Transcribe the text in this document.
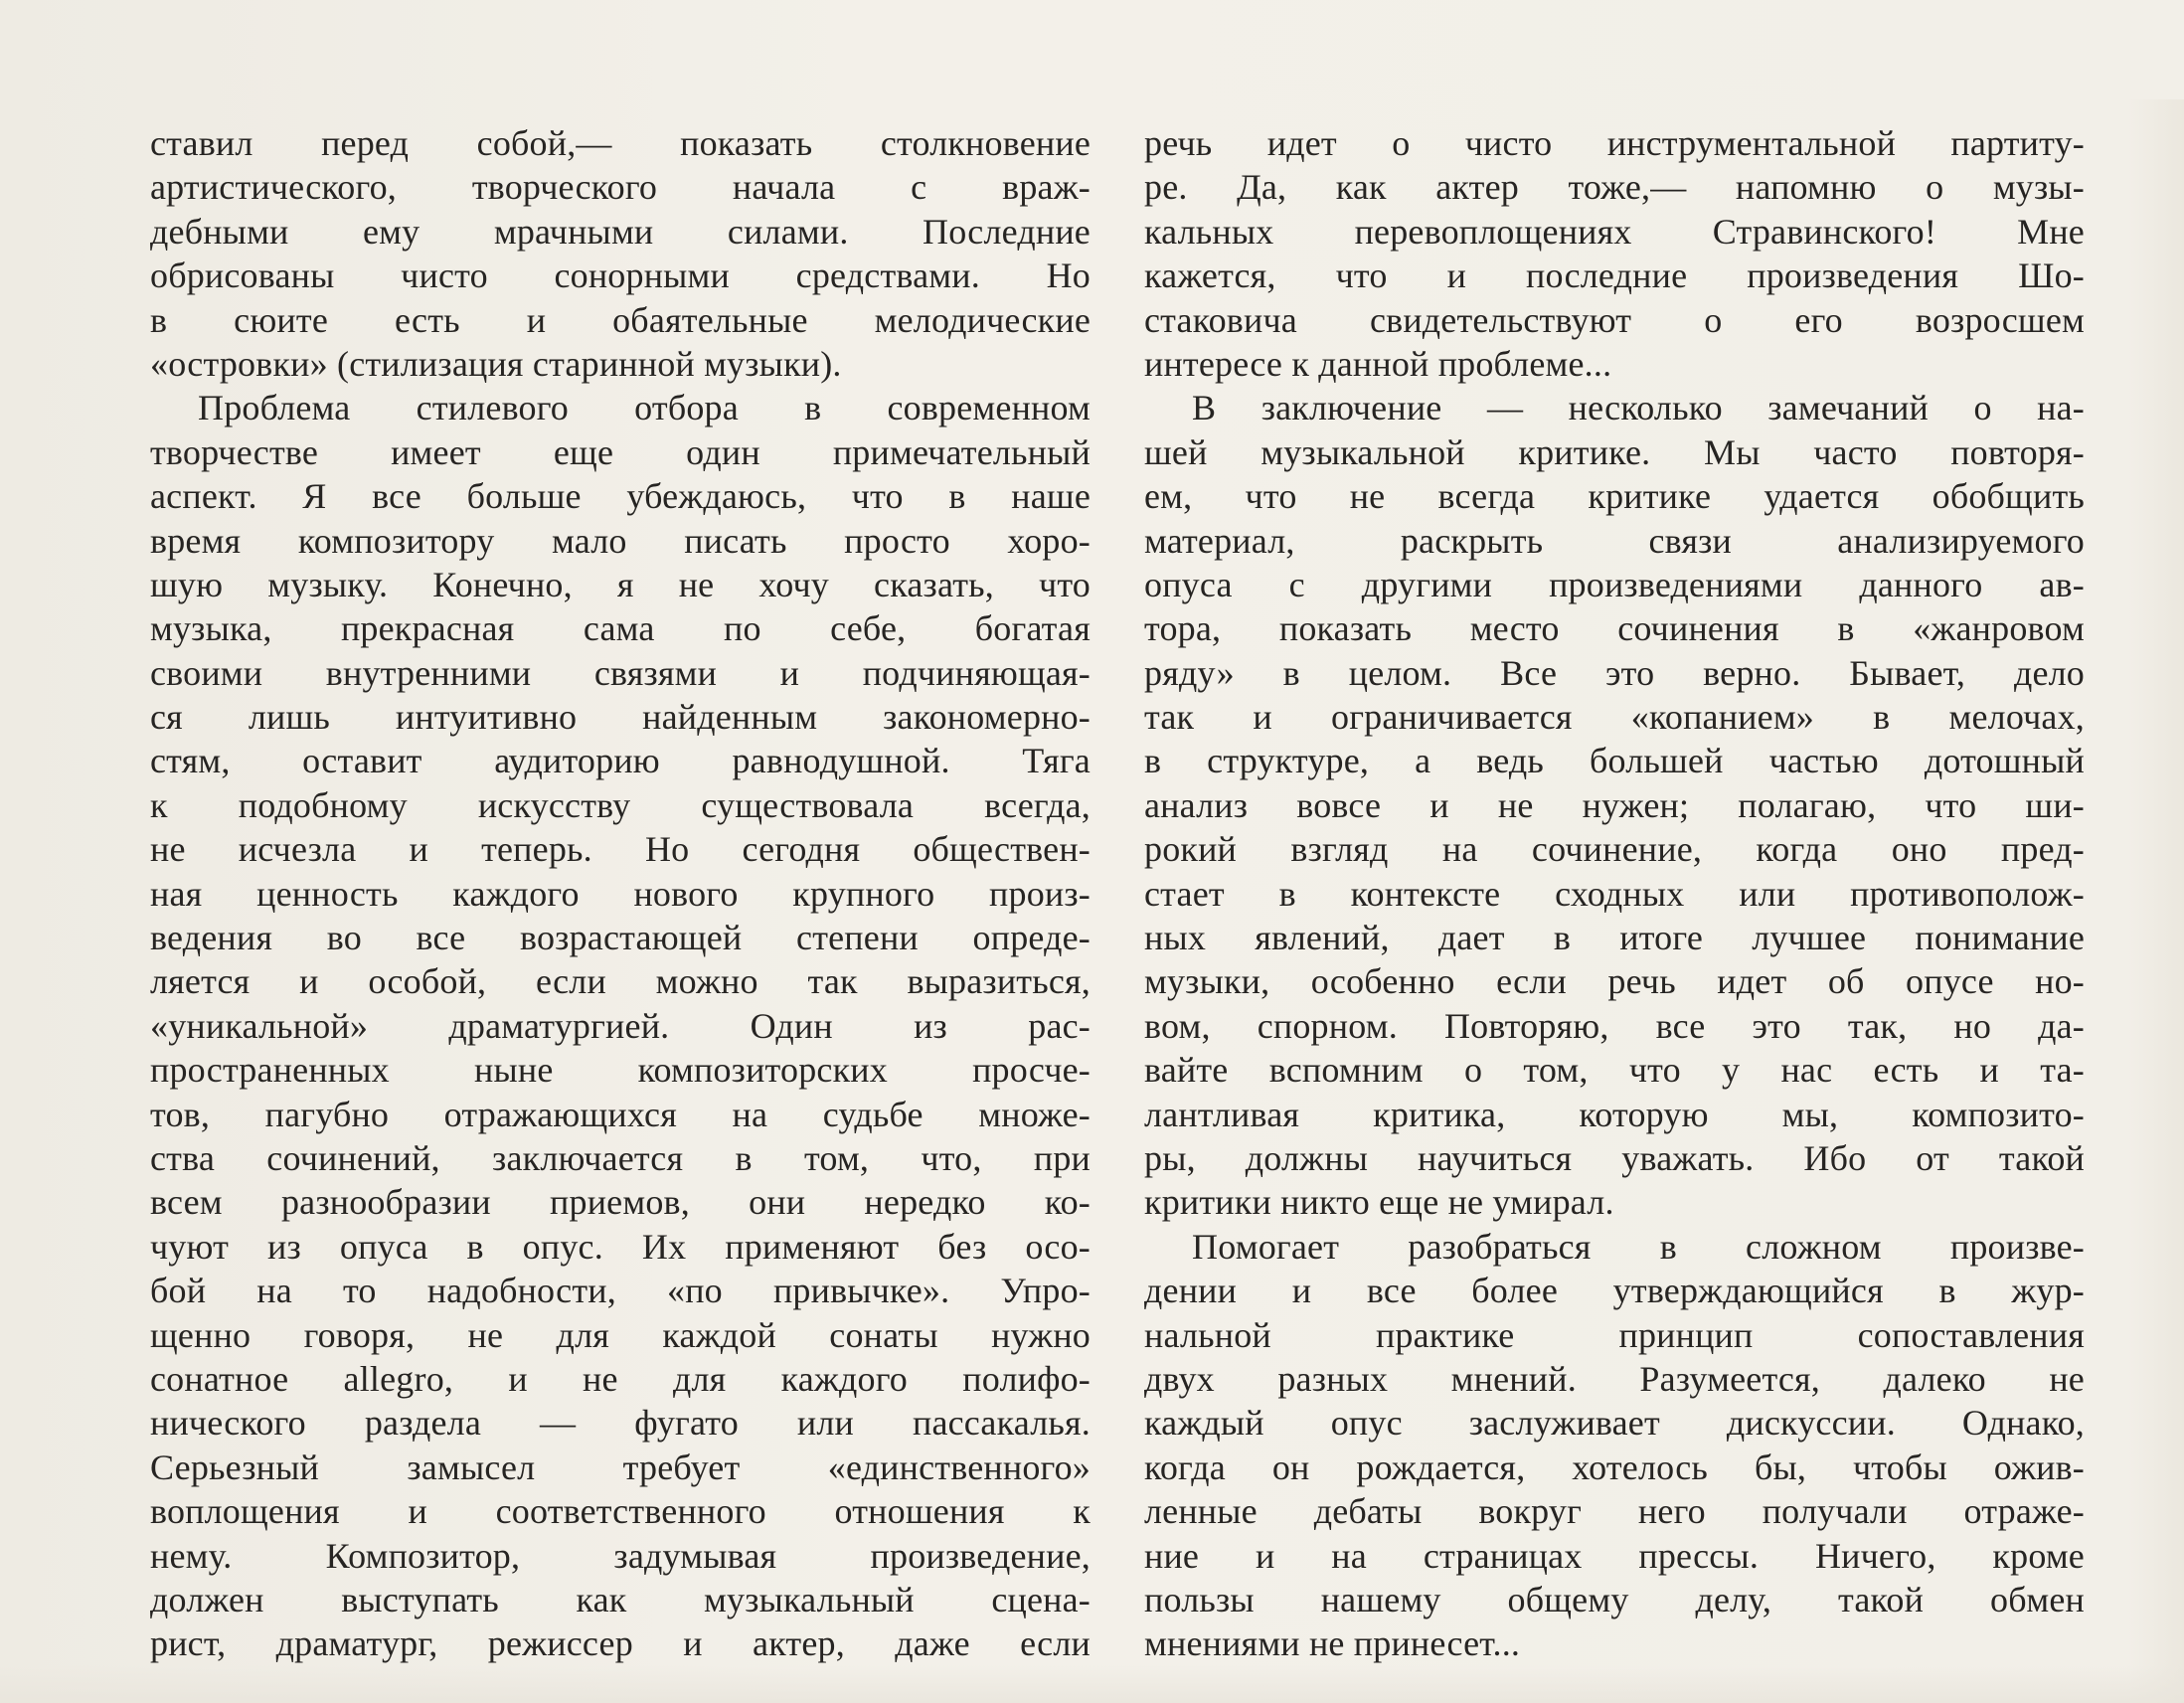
ставил перед собой,— показать столкновение
артистического, творческого начала с враж-
дебными ему мрачными силами. Последние
обрисованы чисто сонорными средствами. Но
в сюите есть и обаятельные мелодические
«островки» (стилизация старинной музыки).
Проблема стилевого отбора в современном
творчестве имеет еще один примечательный
аспект. Я все больше убеждаюсь, что в наше
время композитору мало писать просто хоро-
шую музыку. Конечно, я не хочу сказать, что
музыка, прекрасная сама по себе, богатая
своими внутренними связями и подчиняющая-
ся лишь интуитивно найденным закономерно-
стям, оставит аудиторию равнодушной. Тяга
к подобному искусству существовала всегда,
не исчезла и теперь. Но сегодня обществен-
ная ценность каждого нового крупного произ-
ведения во все возрастающей степени опреде-
ляется и особой, если можно так выразиться,
«уникальной» драматургией. Один из рас-
пространенных ныне композиторских просче-
тов, пагубно отражающихся на судьбе множе-
ства сочинений, заключается в том, что, при
всем разнообразии приемов, они нередко ко-
чуют из опуса в опус. Их применяют без осо-
бой на то надобности, «по привычке». Упро-
щенно говоря, не для каждой сонаты нужно
сонатное allegro, и не для каждого полифо-
нического раздела — фугато или пассакалья.
Серьезный замысел требует «единственного»
воплощения и соответственного отношения к
нему. Композитор, задумывая произведение,
должен выступать как музыкальный сцена-
рист, драматург, режиссер и актер, даже если
речь идет о чисто инструментальной партиту-
ре. Да, как актер тоже,— напомню о музы-
кальных перевоплощениях Стравинского! Мне
кажется, что и последние произведения Шо-
стаковича свидетельствуют о его возросшем
интересе к данной проблеме...
В заключение — несколько замечаний о на-
шей музыкальной критике. Мы часто повторя-
ем, что не всегда критике удается обобщить
материал, раскрыть связи анализируемого
опуса с другими произведениями данного ав-
тора, показать место сочинения в «жанровом
ряду» в целом. Все это верно. Бывает, дело
так и ограничивается «копанием» в мелочах,
в структуре, а ведь большей частью дотошный
анализ вовсе и не нужен; полагаю, что ши-
рокий взгляд на сочинение, когда оно пред-
стает в контексте сходных или противополож-
ных явлений, дает в итоге лучшее понимание
музыки, особенно если речь идет об опусе но-
вом, спорном. Повторяю, все это так, но да-
вайте вспомним о том, что у нас есть и та-
лантливая критика, которую мы, композито-
ры, должны научиться уважать. Ибо от такой
критики никто еще не умирал.
Помогает разобраться в сложном произве-
дении и все более утверждающийся в жур-
нальной практике принцип сопоставления
двух разных мнений. Разумеется, далеко не
каждый опус заслуживает дискуссии. Однако,
когда он рождается, хотелось бы, чтобы ожив-
ленные дебаты вокруг него получали отраже-
ние и на страницах прессы. Ничего, кроме
пользы нашему общему делу, такой обмен
мнениями не принесет...
